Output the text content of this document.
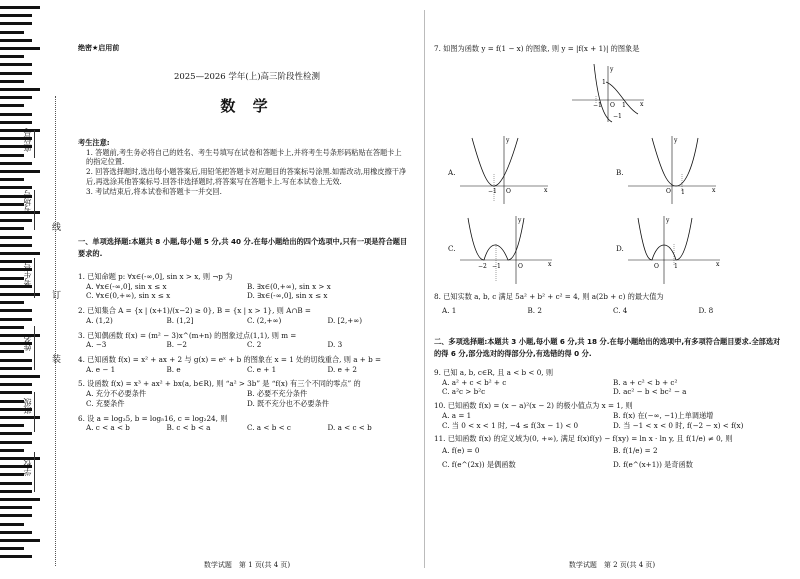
座位号
考场号
考生号
姓名
班级
学校
线
订
装

绝密★启用前

2025—2026 学年(上)高三阶段性检测

数 学

考生注意:

1. 答题前,考生务必将自己的姓名、考生号填写在试卷和答题卡上,并将考生号条形码粘贴在答题卡上的指定位置.

2. 回答选择题时,选出每小题答案后,用铅笔把答题卡对应题目的答案标号涂黑.如需改动,用橡皮擦干净后,再选涂其他答案标号.回答非选择题时,将答案写在答题卡上.写在本试卷上无效.

3. 考试结束后,将本试卷和答题卡一并交回.

一、单项选择题:本题共 8 小题,每小题 5 分,共 40 分.在每小题给出的四个选项中,只有一项是符合题目要求的.

1. 已知命题 p: ∀x∈(-∞,0], sin x > x, 则 ¬p 为

A. ∀x∈(-∞,0], sin x ≤ x	B. ∃x∈(0,+∞), sin x > x
C. ∀x∈(0,+∞), sin x ≤ x	D. ∃x∈(-∞,0], sin x ≤ x

2. 已知集合 A = {x | (x+1)/(x−2) ≥ 0}, B = {x | x > 1}, 则 A∩B =

A. (1,2)	B. (1,2]	C. (2,+∞)	D. [2,+∞)

3. 已知偶函数 f(x) = (m² − 3)x^(m+n) 的图象过点(1,1), 则 m =

A. −3	B. −2	C. 2	D. 3

4. 已知函数 f(x) = x² + ax + 2 与 g(x) = eˣ + b 的图象在 x = 1 处的切线重合, 则 a + b =

A. e − 1	B. e	C. e + 1	D. e + 2

5. 设函数 f(x) = x³ + ax² + bx(a, b∈R), 则 “a² > 3b” 是 “f(x) 有三个不同的零点” 的

A. 充分不必要条件	B. 必要不充分条件
C. 充要条件	D. 既不充分也不必要条件

6. 设 a = log₃5, b = log₅16, c = log₂24, 则

A. c < a < b	B. c < b < a	C. a < b < c	D. a < c < b

数学试题　第 1 页(共 4 页)

7. 如图为函数 y = f(1 − x) 的图象, 则 y = |f(x + 1)| 的图象是

−1 O 1
1
−1
y
x

A.

−1 O
y
x

B.

O 1
y
x

C.

−2 −1	O
y
x

D.

O	1
y
x

8. 已知实数 a, b, c 满足 5a² + b² + c² = 4, 则 a(2b + c) 的最大值为

A. 1	B. 2	C. 4	D. 8

二、多项选择题:本题共 3 小题,每小题 6 分,共 18 分.在每小题给出的选项中,有多项符合题目要求.全部选对的得 6 分,部分选对的得部分分,有选错的得 0 分.

9. 已知 a, b, c∈R, 且 a < b < 0, 则

A. a² + c < b² + c	B. a + c² < b + c²
C. a²c > b²c	D. ac² − b < bc² − a

10. 已知函数 f(x) = (x − a)²(x − 2) 的极小值点为 x = 1, 则

A. a = 1	B. f(x) 在(−∞, −1)上单调递增
C. 当 0 < x < 1 时, −4 ≤ f(3x − 1) < 0	D. 当 −1 < x < 0 时, f(−2 − x) < f(x)

11. 已知函数 f(x) 的定义域为(0, +∞), 满足 f(x)f(y) − f(xy) = ln x · ln y, 且 f(1/e) ≠ 0, 则

A. f(e) = 0	B. f(1/e) = 2
C. f(e^(2x)) 是偶函数	D. f(e^(x+1)) 是奇函数

数学试题　第 2 页(共 4 页)
